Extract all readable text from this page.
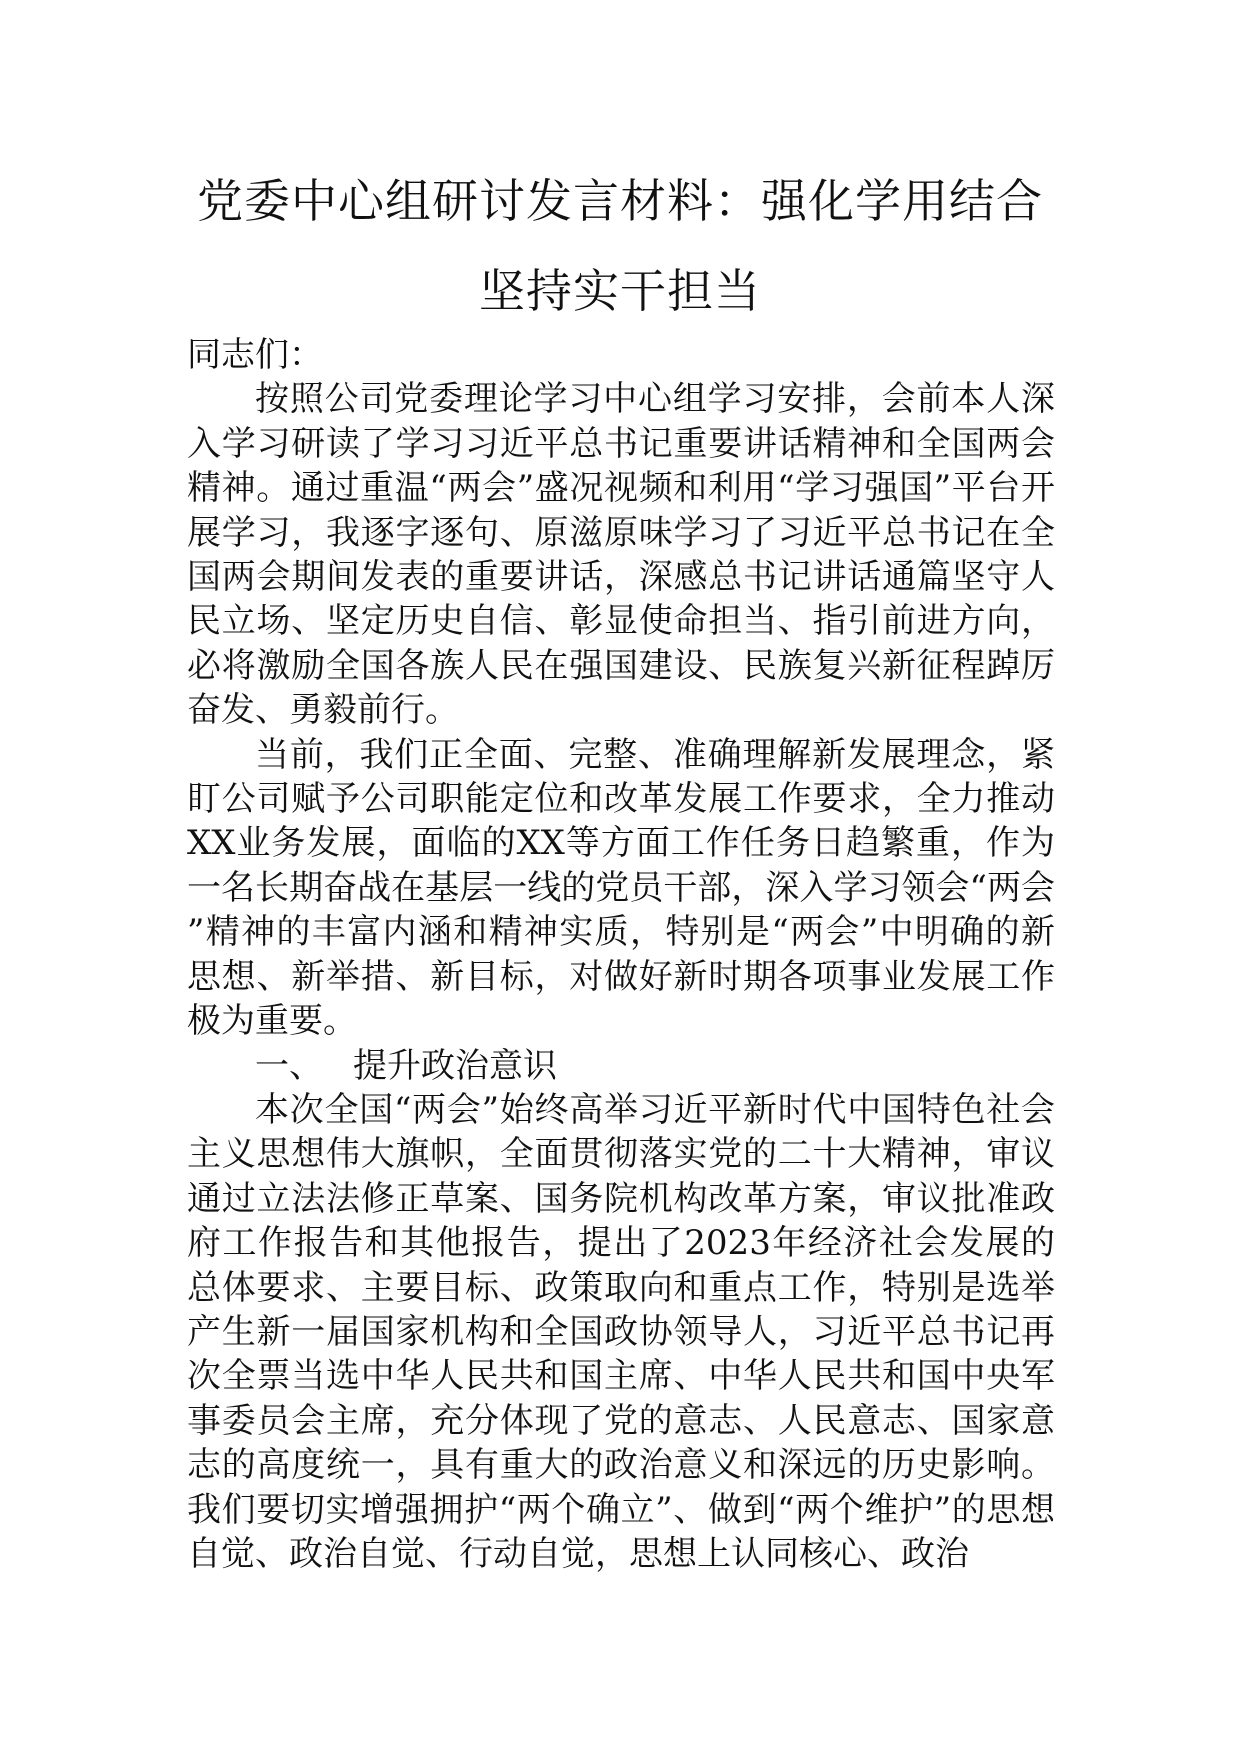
党委中心组研讨发言材料：强化学用结合
坚持实干担当

同志们：

按照公司党委理论学习中心组学习安排，会前本人深入学习研读了学习习近平总书记重要讲话精神和全国两会精神。通过重温“两会”盛况视频和利用“学习强国”平台开展学习，我逐字逐句、原滋原味学习了习近平总书记在全国两会期间发表的重要讲话，深感总书记讲话通篇坚守人民立场、坚定历史自信、彰显使命担当、指引前进方向，必将激励全国各族人民在强国建设、民族复兴新征程踔厉奋发、勇毅前行。

当前，我们正全面、完整、准确理解新发展理念，紧盯公司赋予公司职能定位和改革发展工作要求，全力推动XX业务发展，面临的XX等方面工作任务日趋繁重，作为一名长期奋战在基层一线的党员干部，深入学习领会“两会”精神的丰富内涵和精神实质，特别是“两会”中明确的新思想、新举措、新目标，对做好新时期各项事业发展工作极为重要。

一、 提升政治意识

本次全国“两会”始终高举习近平新时代中国特色社会主义思想伟大旗帜，全面贯彻落实党的二十大精神，审议通过立法法修正草案、国务院机构改革方案，审议批准政府工作报告和其他报告，提出了2023年经济社会发展的总体要求、主要目标、政策取向和重点工作，特别是选举产生新一届国家机构和全国政协领导人，习近平总书记再次全票当选中华人民共和国主席、中华人民共和国中央军事委员会主席，充分体现了党的意志、人民意志、国家意志的高度统一，具有重大的政治意义和深远的历史影响。我们要切实增强拥护“两个确立”、做到“两个维护”的思想自觉、政治自觉、行动自觉，思想上认同核心、政治
